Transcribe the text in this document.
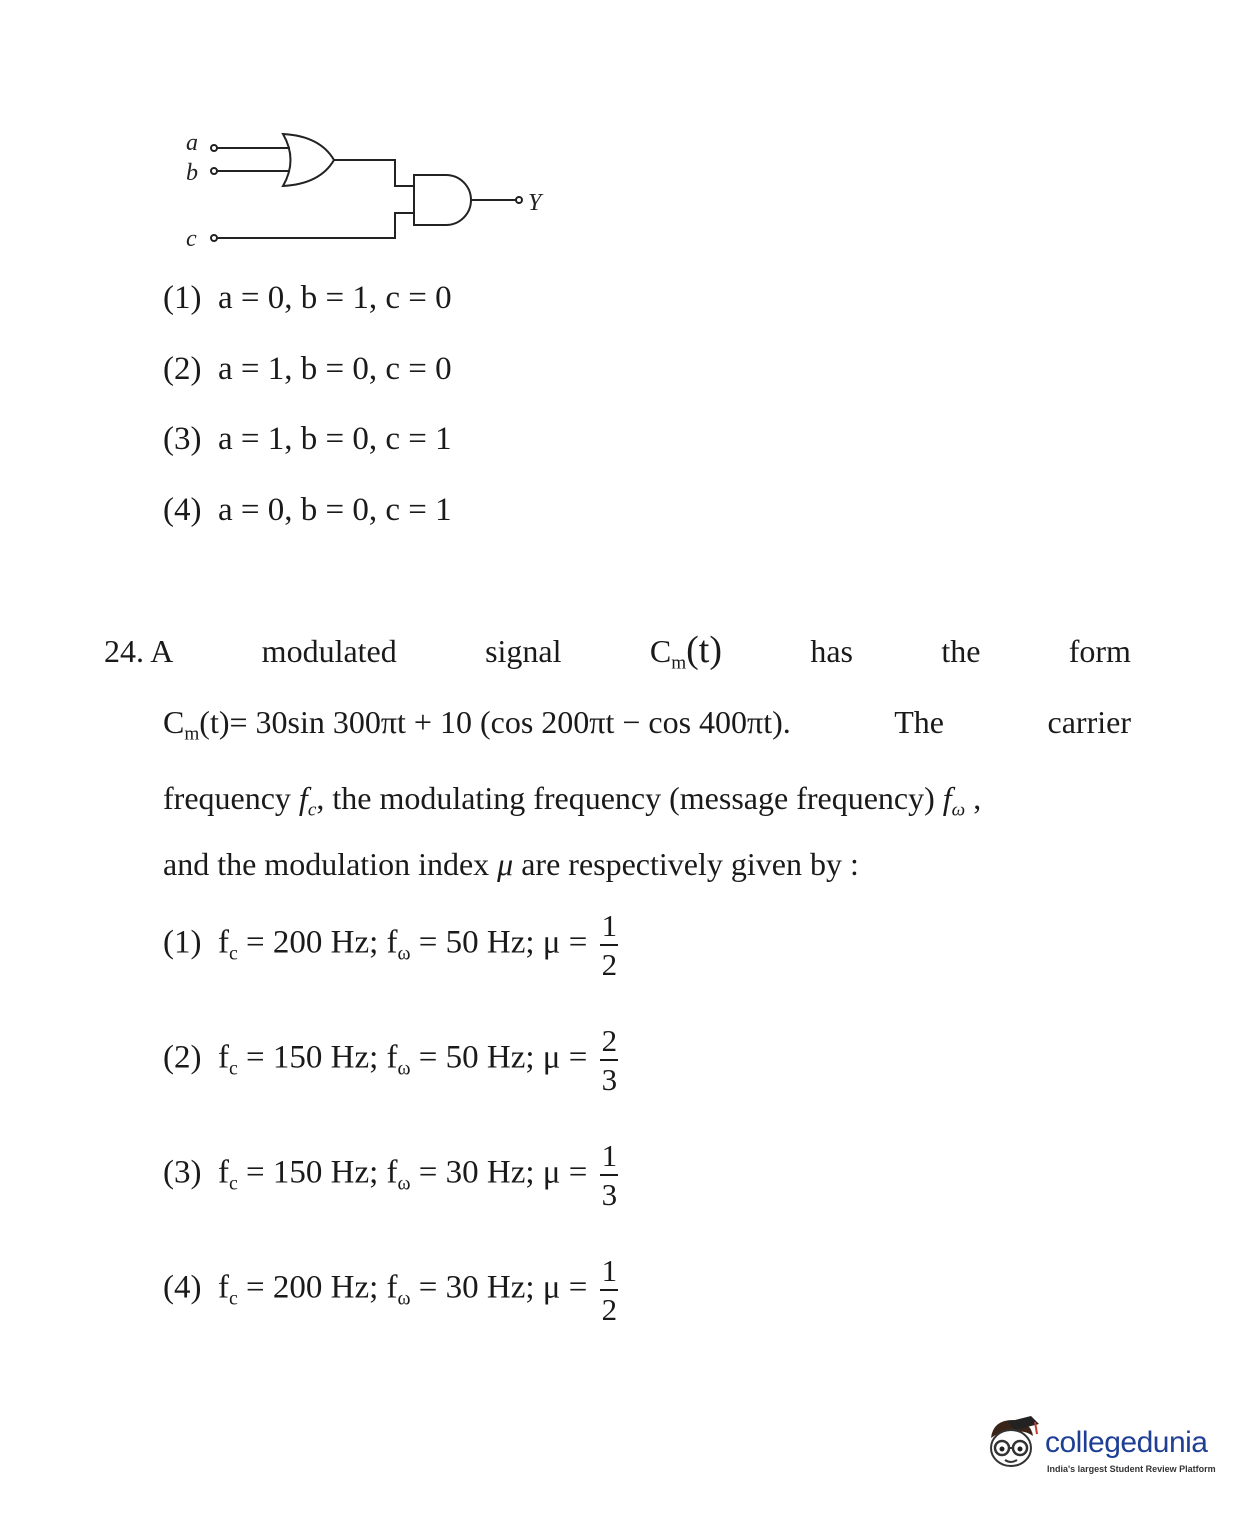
a
b
c
Y
(1) a = 0, b = 1, c = 0
(2) a = 1, b = 0, c = 0
(3) a = 1, b = 0, c = 1
(4) a = 0, b = 0, c = 1
24. A	modulated	signal	$C_m(t)$	has	the	form
$C_m(t)= 30\sin$ 300πt + 10 (cos 200πt − cos 400πt).	The	carrier
frequency $f_c$, the modulating frequency (message frequency) $f_\omega$ ,
and the modulation index μ are respectively given by :
(1) $f_c = 200$ Hz; $f_\omega = 50$ Hz; $\mu = \frac{1}{2}$
(2) $f_c = 150$ Hz; $f_\omega = 50$ Hz; $\mu = \frac{2}{3}$
(3) $f_c = 150$ Hz; $f_\omega = 30$ Hz; $\mu = \frac{1}{3}$
(4) $f_c = 200$ Hz; $f_\omega = 30$ Hz; $\mu = \frac{1}{2}$
collegedunia
India's largest Student Review Platform
